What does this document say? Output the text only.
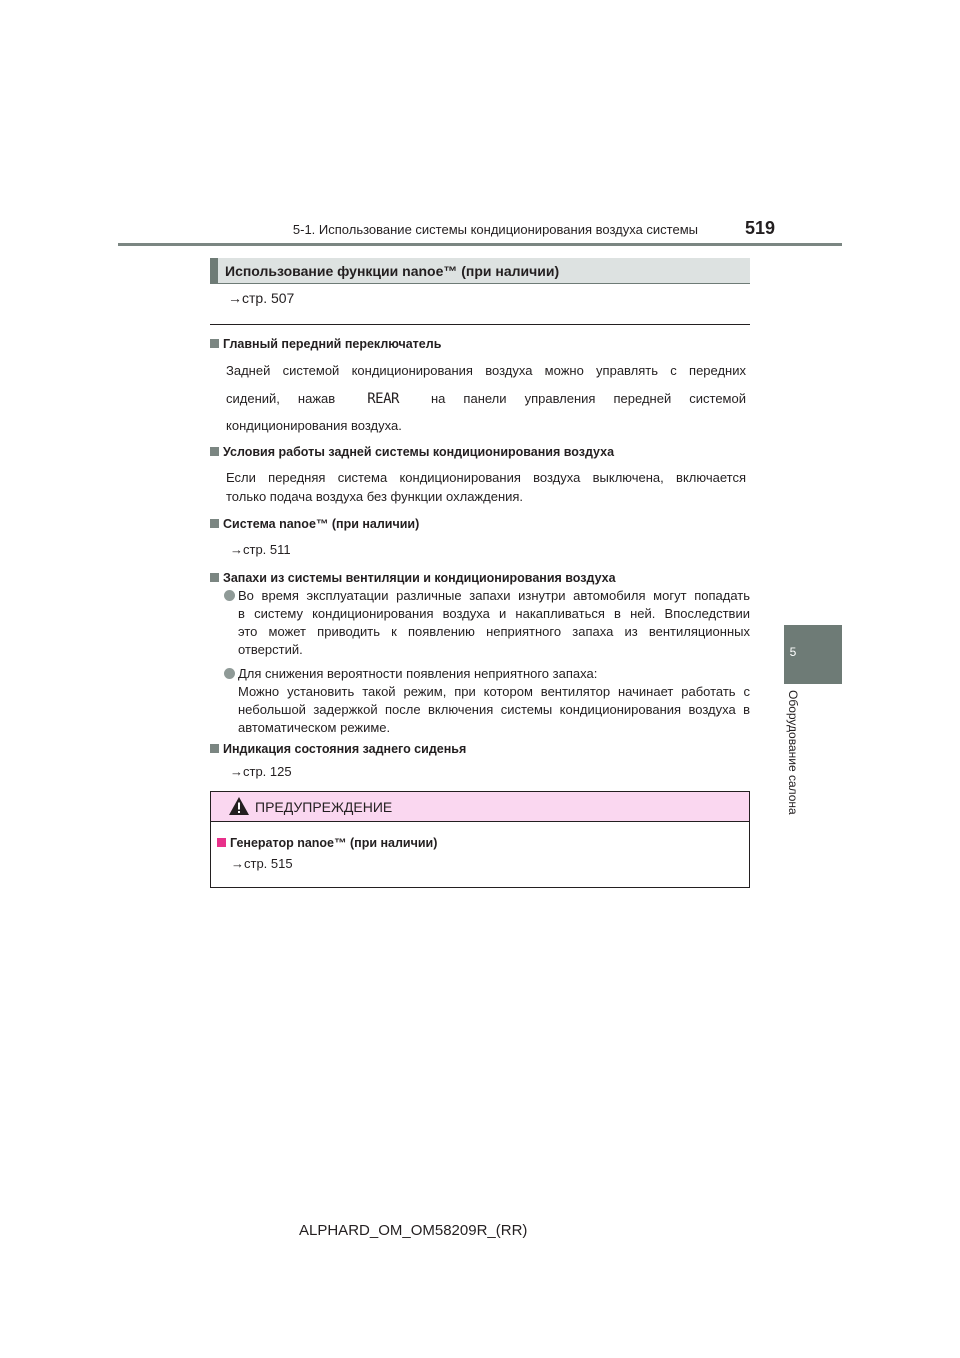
5-1. Использование системы кондиционирования воздуха системы	519
5
Оборудование салона
Использование функции nanoe™ (при наличии)
→стр. 507
Главный передний переключатель
Задней системой кондиционирования воздуха можно управлять с передних
сидений, нажав REAR на панели управления передней системой
кондиционирования воздуха.
Условия работы задней системы кондиционирования воздуха
Если передняя система кондиционирования воздуха выключена, включается
только подача воздуха без функции охлаждения.
Система nanoe™ (при наличии)
→стр. 511
Запахи из системы вентиляции и кондиционирования воздуха
Во время эксплуатации различные запахи изнутри автомобиля могут попадать
в систему кондиционирования воздуха и накапливаться в ней. Впоследствии
это может приводить к появлению неприятного запаха из вентиляционных
отверстий.
Для снижения вероятности появления неприятного запаха:
Можно установить такой режим, при котором вентилятор начинает работать с
небольшой задержкой после включения системы кондиционирования воздуха в
автоматическом режиме.
Индикация состояния заднего сиденья
→стр. 125
ПРЕДУПРЕЖДЕНИЕ
Генератор nanoe™ (при наличии)
→стр. 515
ALPHARD_OM_OM58209R_(RR)
